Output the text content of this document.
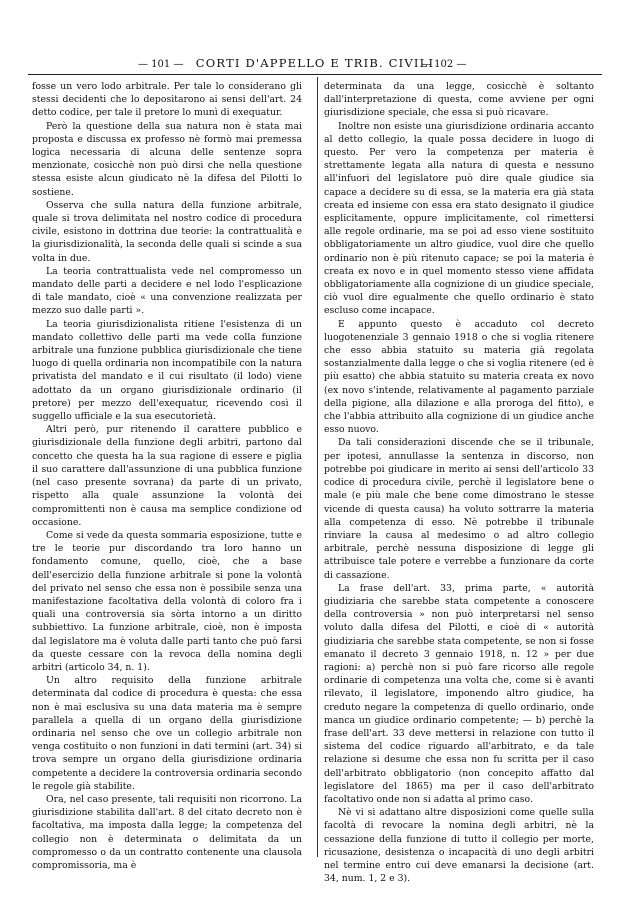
— 101 —	CORTI D'APPELLO E TRIB. CIVILI
— 102 —

fosse un vero lodo arbitrale. Per tale lo considerano gli stessi decidenti che lo depositarono ai sensi dell'art. 24 detto codice, per tale il pretore lo munì di exequatur.

Però la questione della sua natura non è stata mai proposta e discussa ex professo nè formò mai premessa logica necessaria di alcuna delle sentenze sopra menzionate, cosicchè non può dirsi che nella questione stessa esiste alcun giudicato nè la difesa del Pilotti lo sostiene.

Osserva che sulla natura della funzione arbitrale, quale si trova delimitata nel nostro codice di procedura civile, esistono in dottrina due teorie: la contrattualità e la giurisdizionalità, la seconda delle quali si scinde a sua volta in due.

La teoria contrattualista vede nel compromesso un mandato delle parti a decidere e nel lodo l'esplicazione di tale mandato, cioè « una convenzione realizzata per mezzo suo dalle parti ».

La teoria giurisdizionalista ritiene l'esistenza di un mandato collettivo delle parti ma vede colla funzione arbitrale una funzione pubblica giurisdizionale che tiene luogo di quella ordinaria non incompatibile con la natura privatista del mandato e il cui risultato (il lodo) viene adottato da un organo giurisdizionale ordinario (il pretore) per mezzo dell'exequatur, ricevendo così il suggello ufficiale e la sua esecutorietà.

Altri però, pur ritenendo il carattere pubblico e giurisdizionale della funzione degli arbitri, partono dal concetto che questa ha la sua ragione di essere e piglia il suo carattere dall'assunzione di una pubblica funzione (nel caso presente sovrana) da parte di un privato, rispetto alla quale assunzione la volontà dei compromittenti non è causa ma semplice condizione od occasione.

Come si vede da questa sommaria esposizione, tutte e tre le teorie pur discordando tra loro hanno un fondamento comune, quello, cioè, che a base dell'esercizio della funzione arbitrale si pone la volontà del privato nel senso che essa non è possibile senza una manifestazione facoltativa della volontà di coloro fra i quali una controversia sia sòrta intorno a un diritto subbiettivo. La funzione arbitrale, cioè, non è imposta dal legislatore ma è voluta dalle parti tanto che può farsi da queste cessare con la revoca della nomina degli arbitri (articolo 34, n. 1).

Un altro requisito della funzione arbitrale determinata dal codice di procedura è questa: che essa non è mai esclusiva su una data materia ma è sempre parallela a quella di un organo della giurisdizione ordinaria nel senso che ove un collegio arbitrale non venga costituito o non funzioni in dati termini (art. 34) si trova sempre un organo della giurisdizione ordinaria competente a decidere la controversia ordinaria secondo le regole già stabilite.

Ora, nel caso presente, tali requisiti non ricorrono. La giurisdizione stabilita dall'art. 8 del citato decreto non è facoltativa, ma imposta dalla legge; la competenza del collegio non è determinata o delimitata da un compromesso o da un contratto contenente una clausola compromissoria, ma è

determinata da una legge, cosicchè è soltanto dall'interpretazione di questa, come avviene per ogni giurisdizione speciale, che essa si può ricavare.

Inoltre non esiste una giurisdizione ordinaria accanto al detto collegio, la quale possa decidere in luogo di questo. Per vero la competenza per materia è strettamente legata alla natura di questa e nessuno all'infuori del legislatore può dire quale giudice sia capace a decidere su di essa, se la materia era già stata creata ed insieme con essa era stato designato il giudice esplicitamente, oppure implicitamente, col rimettersi alle regole ordinarie, ma se poi ad esso viene sostituito obbligatoriamente un altro giudice, vuol dire che quello ordinario non è più ritenuto capace; se poi la materia è creata ex novo e in quel momento stesso viene affidata obbligatoriamente alla cognizione di un giudice speciale, ciò vuol dire egualmente che quello ordinario è stato escluso come incapace.

E appunto questo è accaduto col decreto luogotenenziale 3 gennaio 1918 o che si voglia ritenere che esso abbia statuito su materia già regolata sostanzialmente dalla legge o che si voglia ritenere (ed è più esatto) che abbia statuito su materia creata ex novo (ex novo s'intende, relativamente al pagamento parziale della pigione, alla dilazione e alla proroga del fitto), e che l'abbia attribuito alla cognizione di un giudice anche esso nuovo.

Da tali considerazioni discende che se il tribunale, per ipotesi, annullasse la sentenza in discorso, non potrebbe poi giudicare in merito ai sensi dell'articolo 33 codice di procedura civile, perchè il legislatore bene o male (e più male che bene come dimostrano le stesse vicende di questa causa) ha voluto sottrarre la materia alla competenza di esso. Nè potrebbe il tribunale rinviare la causa al medesimo o ad altro collegio arbitrale, perchè nessuna disposizione di legge gli attribuisce tale potere e verrebbe a funzionare da corte di cassazione.

La frase dell'art. 33, prima parte, « autorità giudiziaria che sarebbe stata competente a conoscere della controversia » non può interpretarsi nel senso voluto dalla difesa del Pilotti, e cioè di « autorità giudiziaria che sarebbe stata competente, se non si fosse emanato il decreto 3 gennaio 1918, n. 12 » per due ragioni: a) perchè non si può fare ricorso alle regole ordinarie di competenza una volta che, come si è avanti rilevato, il legislatore, imponendo altro giudice, ha creduto negare la competenza di quello ordinario, onde manca un giudice ordinario competente; — b) perchè la frase dell'art. 33 deve mettersi in relazione con tutto il sistema del codice riguardo all'arbitrato, e da tale relazione si desume che essa non fu scritta per il caso dell'arbitrato obbligatorio (non concepito affatto dal legislatore del 1865) ma per il caso dell'arbitrato facoltativo onde non si adatta al primo caso.

Nè vi si adattano altre disposizioni come quelle sulla facoltà di revocare la nomina degli arbitri, nè la cessazione della funzione di tutto il collegio per morte, ricusazione, desistenza o incapacità di uno degli arbitri nel termine entro cui deve emanarsi la decisione (art. 34, num. 1, 2 e 3).
